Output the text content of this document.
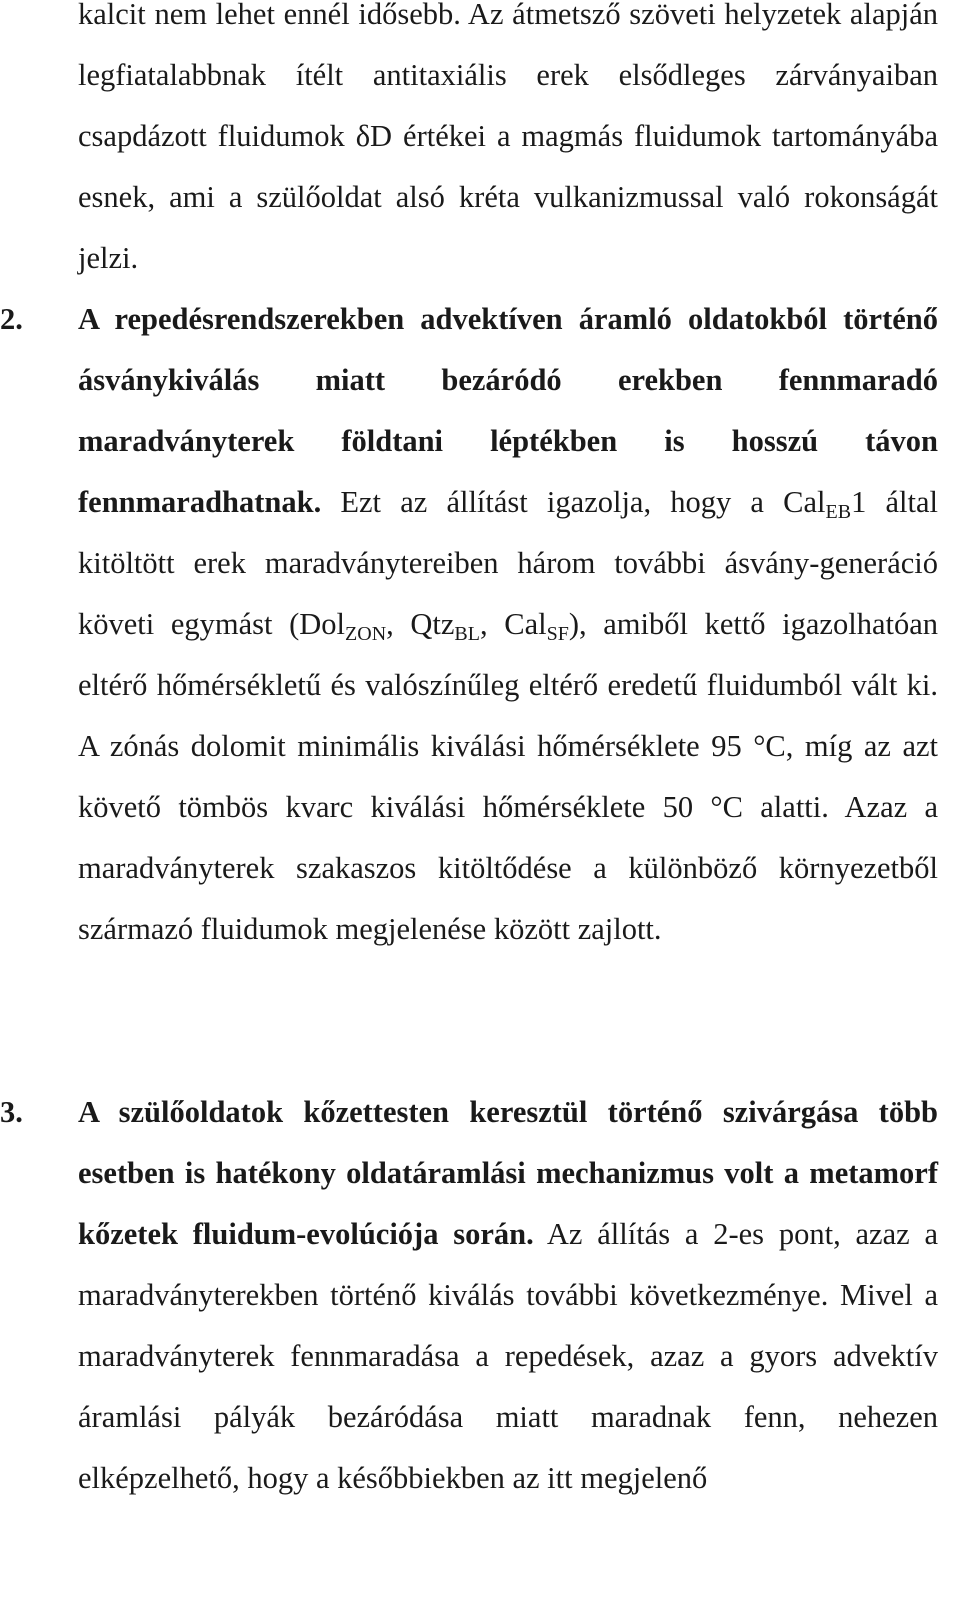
kalcit nem lehet ennél idősebb. Az átmetsző szöveti helyzetek alapján legfiatalabbnak ítélt antitaxiális erek elsődleges zárványaiban csapdázott fluidumok δD értékei a magmás fluidumok tartományába esnek, ami a szülőoldat alsó kréta vulkanizmussal való rokonságát jelzi.

2. A repedésrendszerekben advektíven áramló oldatokból történő ásványkiválás miatt bezáródó erekben fennmaradó maradványterek földtani léptékben is hosszú távon fennmaradhatnak. Ezt az állítást igazolja, hogy a Cal$_{EB}$1 által kitöltött erek maradványtereiben három további ásvány-generáció követi egymást (Dol$_{ZON}$, Qtz$_{BL}$, Cal$_{SF}$), amiből kettő igazolhatóan eltérő hőmérsékletű és valószínűleg eltérő eredetű fluidumból vált ki. A zónás dolomit minimális kiválási hőmérséklete 95 °C, míg az azt követő tömbös kvarc kiválási hőmérséklete 50 °C alatti. Azaz a maradványterek szakaszos kitöltődése a különböző környezetből származó fluidumok megjelenése között zajlott.
3. A szülőoldatok kőzettesten keresztül történő szivárgása több esetben is hatékony oldatáramlási mechanizmus volt a metamorf kőzetek fluidum-evolúciója során. Az állítás a 2-es pont, azaz a maradványterekben történő kiválás további következménye. Mivel a maradványterek fennmaradása a repedések, azaz a gyors advektív áramlási pályák bezáródása miatt maradnak fenn, nehezen elképzelhető, hogy a későbbiekben az itt megjelenő
